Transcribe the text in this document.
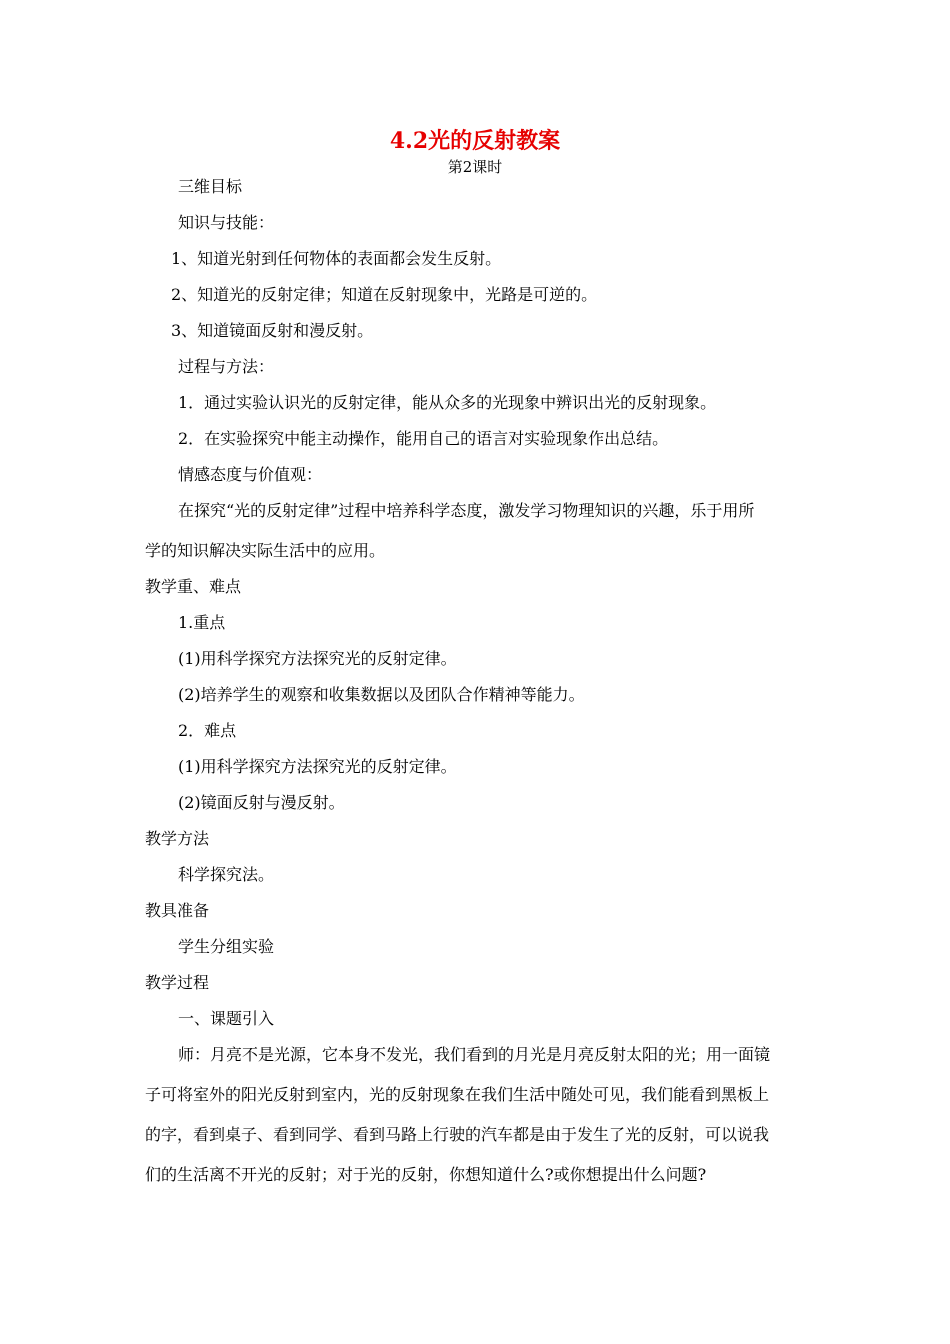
4.2光的反射教案
第2课时
三维目标
知识与技能：
1、知道光射到任何物体的表面都会发生反射。
2、知道光的反射定律；知道在反射现象中，光路是可逆的。
3、知道镜面反射和漫反射。
过程与方法：
1．通过实验认识光的反射定律，能从众多的光现象中辨识出光的反射现象。
2．在实验探究中能主动操作，能用自己的语言对实验现象作出总结。
情感态度与价值观：
在探究“光的反射定律”过程中培养科学态度，激发学习物理知识的兴趣，乐于用所
学的知识解决实际生活中的应用。
教学重、难点
1.重点
(1)用科学探究方法探究光的反射定律。
(2)培养学生的观察和收集数据以及团队合作精神等能力。
2．难点
(1)用科学探究方法探究光的反射定律。
(2)镜面反射与漫反射。
教学方法
科学探究法。
教具准备
学生分组实验
教学过程
一、课题引入
师：月亮不是光源，它本身不发光，我们看到的月光是月亮反射太阳的光；用一面镜
子可将室外的阳光反射到室内，光的反射现象在我们生活中随处可见，我们能看到黑板上
的字，看到桌子、看到同学、看到马路上行驶的汽车都是由于发生了光的反射，可以说我
们的生活离不开光的反射；对于光的反射，你想知道什么?或你想提出什么问题?
